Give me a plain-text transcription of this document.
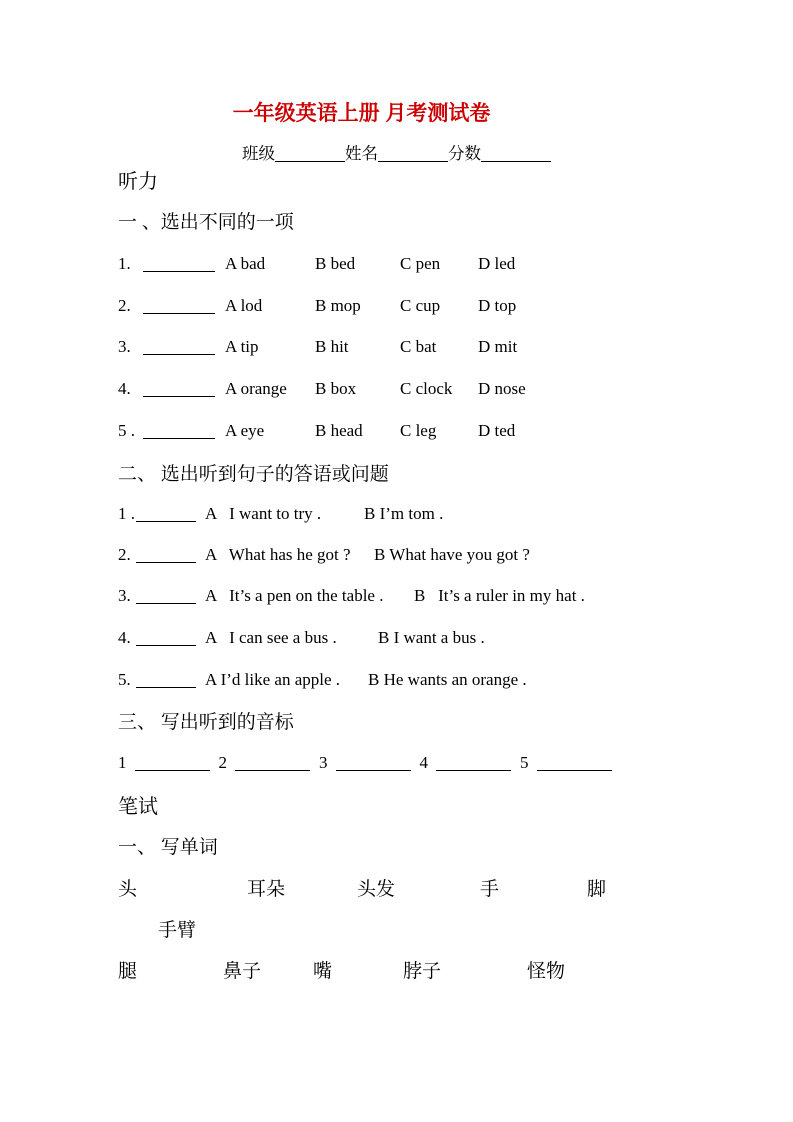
一年级英语上册 月考测试卷
班级	姓名	分数
听力
一 、选出不同的一项
1.	A bad	B bed	C pen D led
2.	A lod	B mop C cup D top
3.	A tip	B hit	C bat D mit
4.	A orange B box	C clock D nose
5 .	A eye	B head C leg D ted
二、 选出听到句子的答语或问题
1 .	A   I want to try .	B I’m tom .
2.	A   What has he got ? B What have you got ?
3.	A   It’s a pen on the table . B   It’s a ruler in my hat .
4.	A   I can see a bus . B I want a bus .
5.	A I’d like an apple . B He wants an orange .
三、 写出听到的音标
1	2	3	4	5
笔试
一、 写单词
头	耳朵	头发	手	脚
手臂
腿	鼻子	嘴	脖子	怪物
